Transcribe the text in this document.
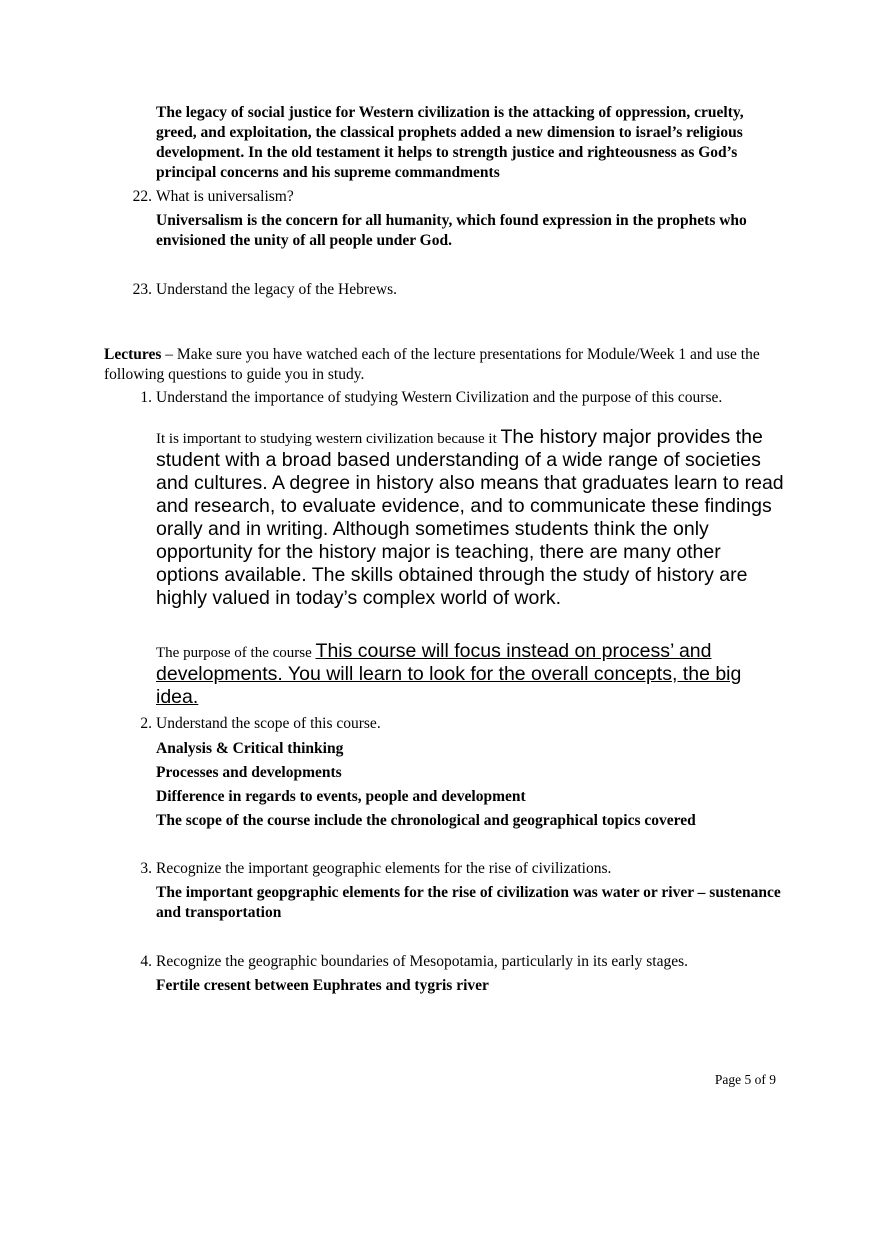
The legacy of social justice for Western civilization is the attacking of oppression, cruelty, greed, and exploitation, the classical prophets added a new dimension to israel’s religious development. In the old testament it helps to strength justice and righteousness as God’s principal concerns and his supreme commandments
22. What is universalism?
Universalism is the concern for all humanity, which found expression in the prophets who envisioned the unity of all people under God.
23. Understand the legacy of the Hebrews.
Lectures – Make sure you have watched each of the lecture presentations for Module/Week 1 and use the following questions to guide you in study.
1. Understand the importance of studying Western Civilization and the purpose of this course.
It is important to studying western civilization because it The history major provides the student with a broad based understanding of a wide range of societies and cultures. A degree in history also means that graduates learn to read and research, to evaluate evidence, and to communicate these findings orally and in writing. Although sometimes students think the only opportunity for the history major is teaching, there are many other options available. The skills obtained through the study of history are highly valued in today’s complex world of work.
The purpose of the course This course will focus instead on process’ and developments. You will learn to look for the overall concepts, the big idea.
2. Understand the scope of this course.
Analysis & Critical thinking
Processes and developments
Difference in regards to events, people and development
The scope of the course include the chronological and geographical topics covered
3. Recognize the important geographic elements for the rise of civilizations.
The important geopgraphic elements for the rise of civilization was water or river – sustenance and transportation
4. Recognize the geographic boundaries of Mesopotamia, particularly in its early stages.
Fertile cresent between Euphrates and tygris river
Page 5 of 9
